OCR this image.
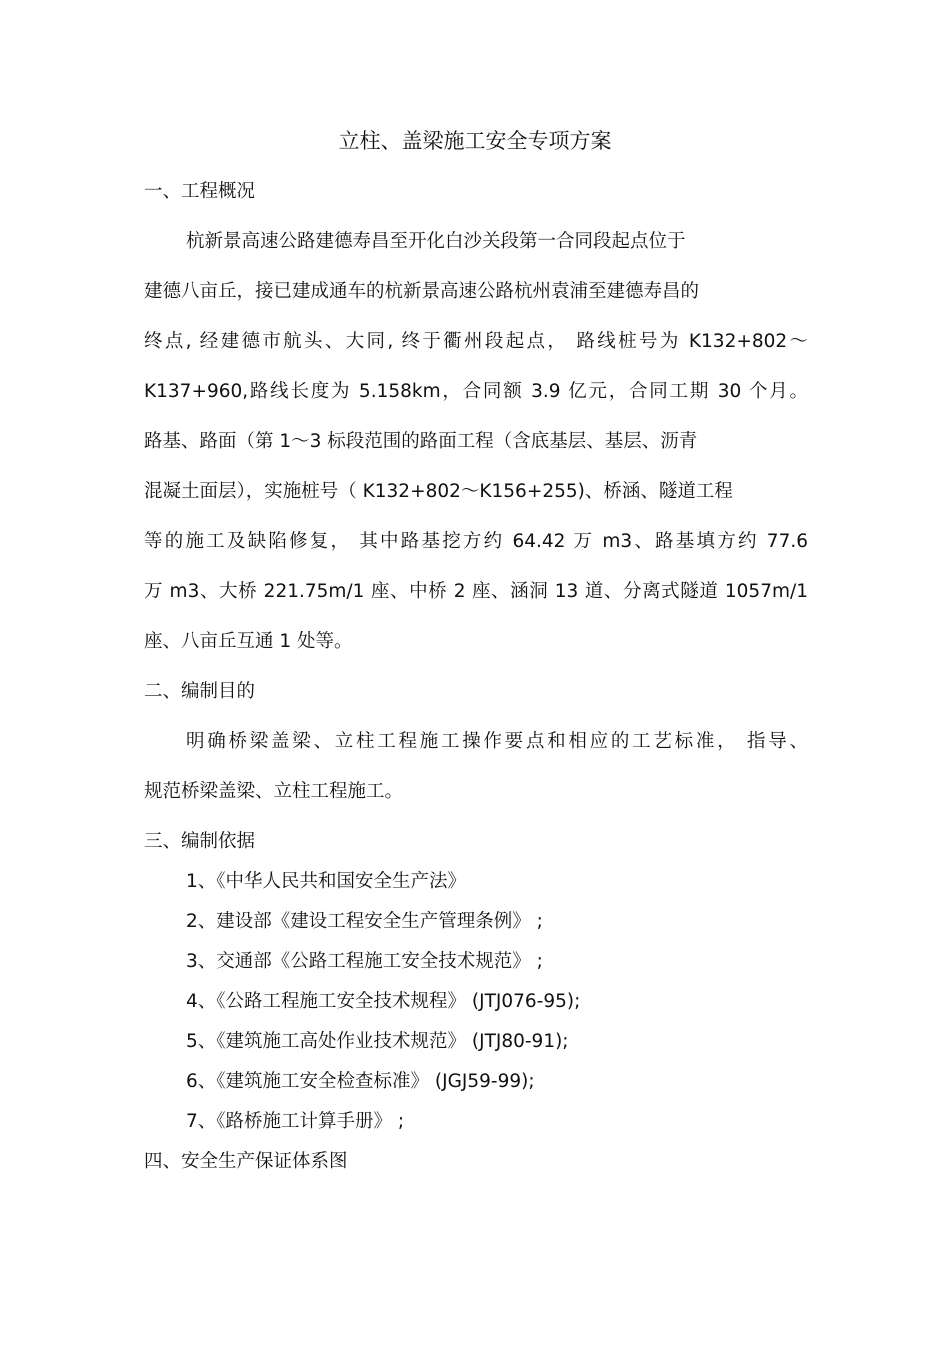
立柱、盖梁施工安全专项方案
一、工程概况
杭新景高速公路建德寿昌至开化白沙关段第一合同段起点位于
建德八亩丘，接已建成通车的杭新景高速公路杭州袁浦至建德寿昌的
终点, 经建德市航头、大同, 终于衢州段起点， 路线桩号为 K132+802～
K137+960,路线长度为 5.158km，合同额 3.9 亿元，合同工期 30 个月。
路基、路面（第 1～3 标段范围的路面工程（含底基层、基层、沥青
混凝土面层），实施桩号（ K132+802～K156+255)、桥涵、隧道工程
等的施工及缺陷修复， 其中路基挖方约 64.42 万 m3、路基填方约 77.6
万 m3、大桥 221.75m/1 座、中桥 2 座、涵洞 13 道、分离式隧道 1057m/1
座、八亩丘互通 1 处等。
二、编制目的
明确桥梁盖梁、立柱工程施工操作要点和相应的工艺标准， 指导、
规范桥梁盖梁、立柱工程施工。
三、编制依据
1、《中华人民共和国安全生产法》
2、建设部《建设工程安全生产管理条例》 ;
3、交通部《公路工程施工安全技术规范》 ;
4、《公路工程施工安全技术规程》 (JTJ076-95);
5、《建筑施工高处作业技术规范》 (JTJ80-91);
6、《建筑施工安全检查标准》 (JGJ59-99);
7、《路桥施工计算手册》 ;
四、安全生产保证体系图
